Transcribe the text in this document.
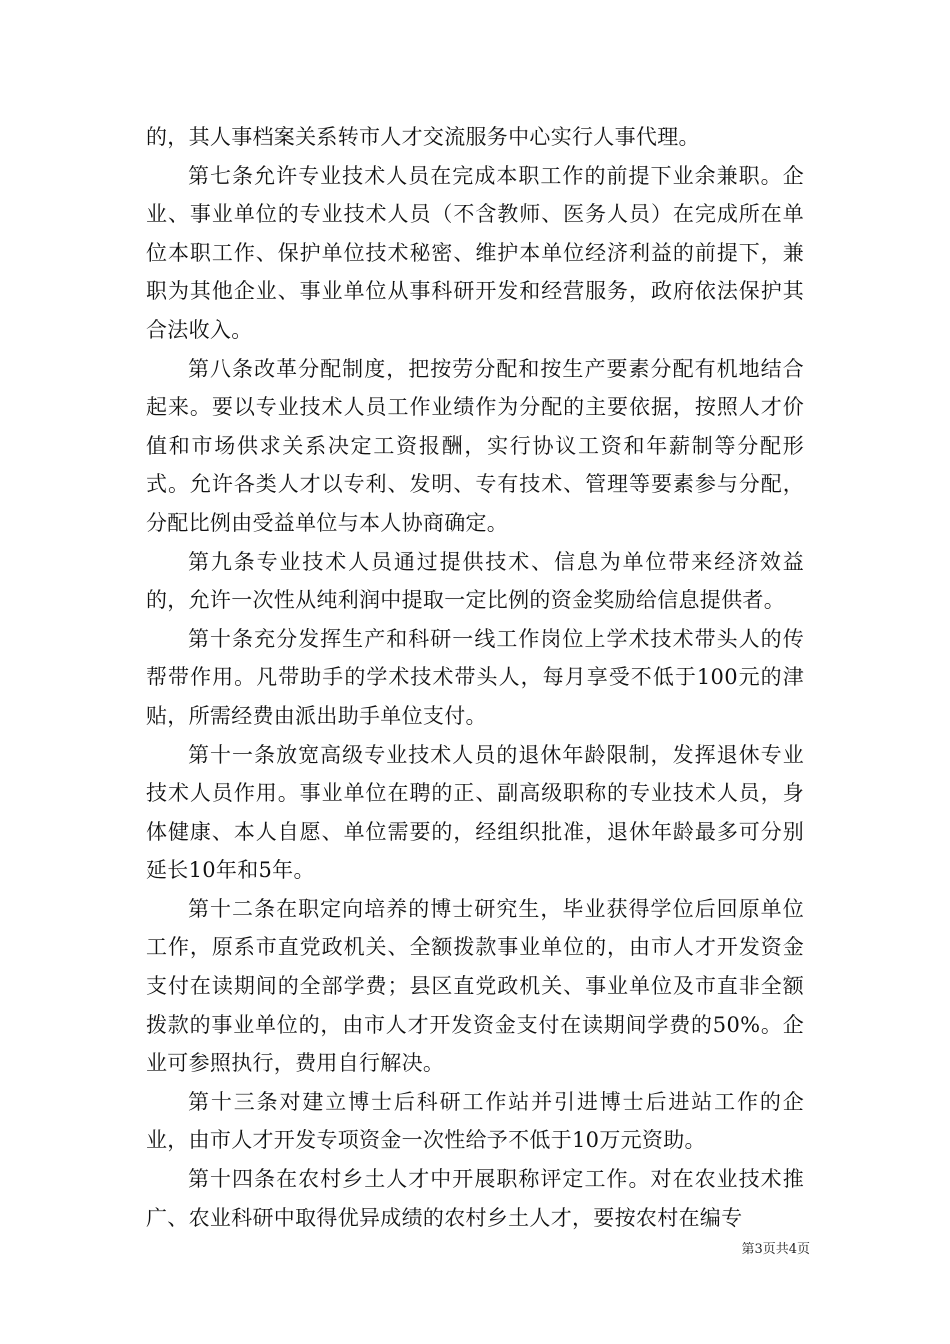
的，其人事档案关系转市人才交流服务中心实行人事代理。

第七条允许专业技术人员在完成本职工作的前提下业余兼职。企业、事业单位的专业技术人员（不含教师、医务人员）在完成所在单位本职工作、保护单位技术秘密、维护本单位经济利益的前提下，兼职为其他企业、事业单位从事科研开发和经营服务，政府依法保护其合法收入。

第八条改革分配制度，把按劳分配和按生产要素分配有机地结合起来。要以专业技术人员工作业绩作为分配的主要依据，按照人才价值和市场供求关系决定工资报酬，实行协议工资和年薪制等分配形式。允许各类人才以专利、发明、专有技术、管理等要素参与分配，分配比例由受益单位与本人协商确定。

第九条专业技术人员通过提供技术、信息为单位带来经济效益的，允许一次性从纯利润中提取一定比例的资金奖励给信息提供者。

第十条充分发挥生产和科研一线工作岗位上学术技术带头人的传帮带作用。凡带助手的学术技术带头人，每月享受不低于100元的津贴，所需经费由派出助手单位支付。

第十一条放宽高级专业技术人员的退休年龄限制，发挥退休专业技术人员作用。事业单位在聘的正、副高级职称的专业技术人员，身体健康、本人自愿、单位需要的，经组织批准，退休年龄最多可分别延长10年和5年。

第十二条在职定向培养的博士研究生，毕业获得学位后回原单位工作，原系市直党政机关、全额拨款事业单位的，由市人才开发资金支付在读期间的全部学费；县区直党政机关、事业单位及市直非全额拨款的事业单位的，由市人才开发资金支付在读期间学费的50%。企业可参照执行，费用自行解决。

第十三条对建立博士后科研工作站并引进博士后进站工作的企业，由市人才开发专项资金一次性给予不低于10万元资助。

第十四条在农村乡土人才中开展职称评定工作。对在农业技术推广、农业科研中取得优异成绩的农村乡土人才，要按农村在编专

第3页共4页
